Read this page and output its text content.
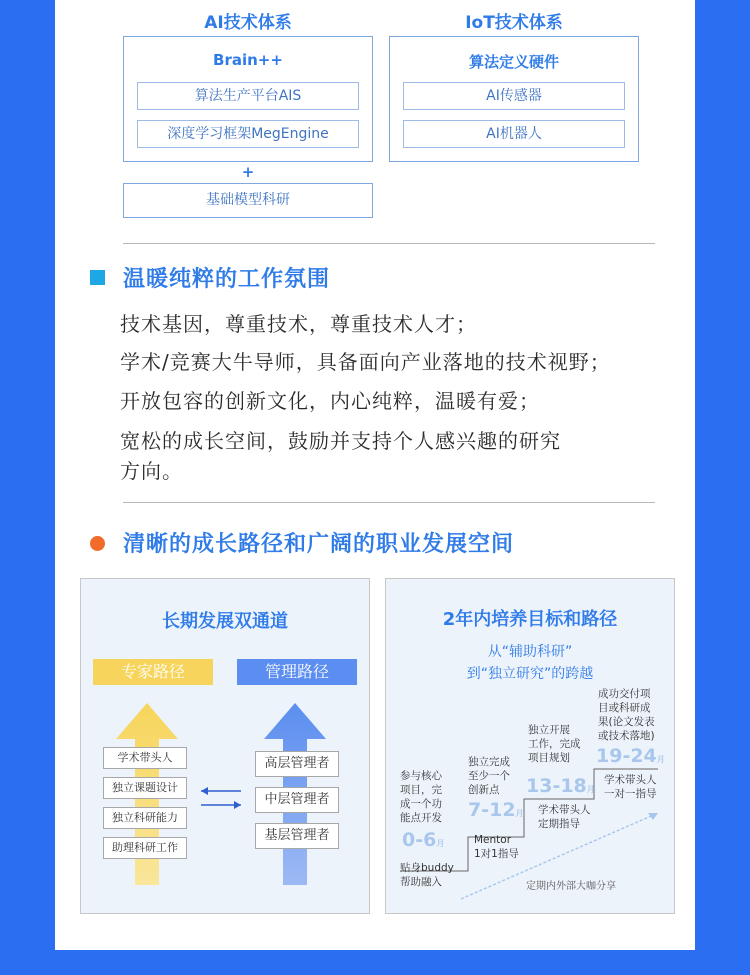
AI技术体系	IoT技术体系
Brain++
算法生产平台AIS
深度学习框架MegEngine
算法定义硬件
AI传感器
AI机器人
+
基础模型科研
温暖纯粹的工作氛围
技术基因，尊重技术，尊重技术人才；
学术/竞赛大牛导师，具备面向产业落地的技术视野；
开放包容的创新文化，内心纯粹，温暖有爱；
宽松的成长空间，鼓励并支持个人感兴趣的研究
方向。
清晰的成长路径和广阔的职业发展空间
长期发展双通道
专家路径	管理路径
学术带头人
独立课题设计
独立科研能力
助理科研工作
高层管理者
中层管理者
基层管理者
2年内培养目标和路径
从“辅助科研”
到“独立研究”的跨越
参与核心
项目，完
成一个功
能点开发
0-6月
贴身buddy
帮助融入
独立完成
至少一个
创新点
7-12月
Mentor
1对1指导
独立开展
工作，完成
项目规划
13-18月
学术带头人
定期指导
成功交付项
目或科研成
果(论文发表
或技术落地)
19-24月
学术带头人
一对一指导
定期内外部大咖分享
